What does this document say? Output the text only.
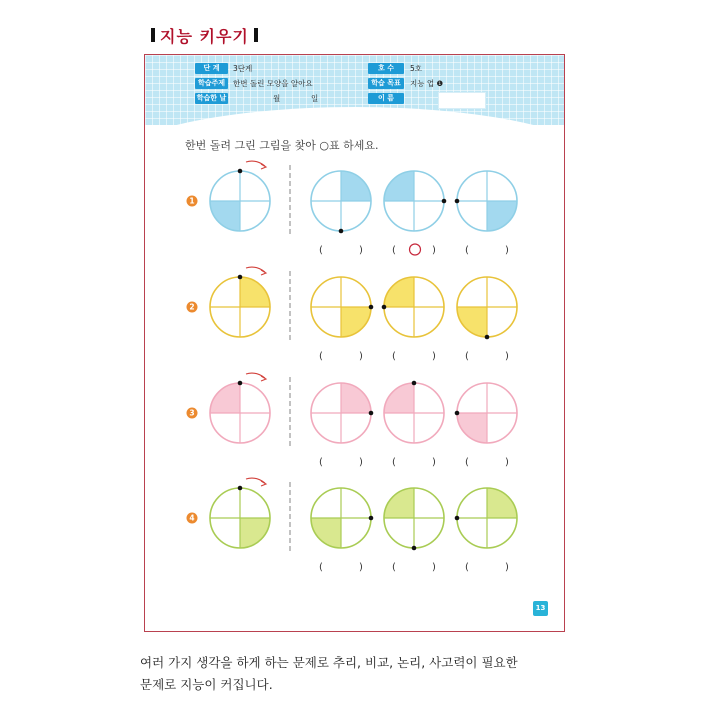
지능 키우기
단 계	3단계
학습주제	한번 돌린 모양을 알아요
학습한 날	월	일
호 수	5호
학습 목표	지능 업 ❶
이 름
한번 돌려 그린 그림을 찾아 ○표 하세요.
1
(	)	(	)	(	)
2
(	)	(	)	(	)
3
(	)	(	)	(	)
4
(	)	(	)	(	)
13
여러 가지 생각을 하게 하는 문제로 추리, 비교, 논리, 사고력이 필요한
문제로 지능이 커집니다.
